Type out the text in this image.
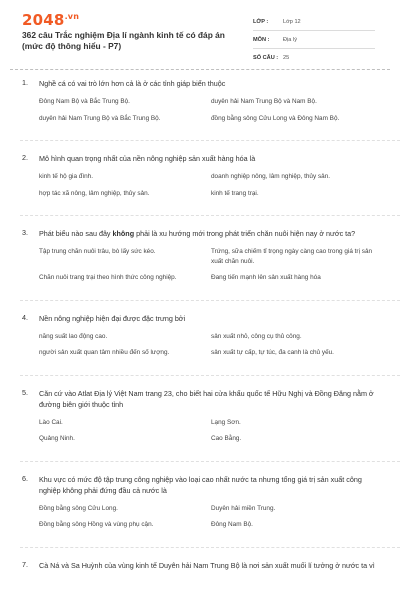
$2048^{.vn}$
362 câu Trắc nghiệm Địa lí ngành kinh tế có đáp án (mức độ thông hiểu - P7)
LỚP :	Lớp 12
MÔN :	Địa lý
SỐ CÂU : 25
1. Nghề cá có vai trò lớn hơn cả là ở các tỉnh giáp biển thuộc
Đông Nam Bộ và Bắc Trung Bộ.	duyên hải Nam Trung Bộ và Nam Bộ.
duyên hải Nam Trung Bộ và Bắc Trung Bộ.	đồng bằng sông Cửu Long và Đông Nam Bộ.
2. Mô hình quan trọng nhất của nền nông nghiệp sản xuất hàng hóa là
kinh tế hộ gia đình.	doanh nghiệp nông, lâm nghiệp, thủy sản.
hợp tác xã nông, lâm nghiệp, thủy sản.	kinh tế trang trại.
3. Phát biểu nào sau đây không phải là xu hướng mới trong phát triển chăn nuôi hiện nay ở nước ta?
Tập trung chăn nuôi trâu, bò lấy sức kéo.	Trứng, sữa chiếm tỉ trọng ngày càng cao trong giá trị sản xuất chăn nuôi.
Chăn nuôi trang trại theo hình thức công nghiệp.	Đang tiến mạnh lên sản xuất hàng hóa
4. Nền nông nghiệp hiện đại được đặc trưng bởi
năng suất lao động cao.	sản xuất nhỏ, công cụ thủ công.
người sản xuất quan tâm nhiều đến số lượng.	sản xuất tự cấp, tự túc, đa canh là chủ yếu.
5. Căn cứ vào Atlat Địa lý Việt Nam trang 23, cho biết hai cửa khẩu quốc tế Hữu Nghị và Đồng Đăng nằm ở đường biên giới thuộc tỉnh
Lào Cai.	Lạng Sơn.
Quảng Ninh.	Cao Bằng.
6. Khu vực có mức độ tập trung công nghiệp vào loại cao nhất nước ta nhưng tổng giá trị sản xuất công nghiệp không phải đứng đầu cả nước là
Đồng bằng sông Cửu Long.	Duyên hải miền Trung.
Đồng bằng sông Hồng và vùng phụ cận.	Đông Nam Bộ.
7. Cà Ná và Sa Huỳnh của vùng kinh tế Duyên hải Nam Trung Bộ là nơi sản xuất muối lí tưởng ở nước ta vì
